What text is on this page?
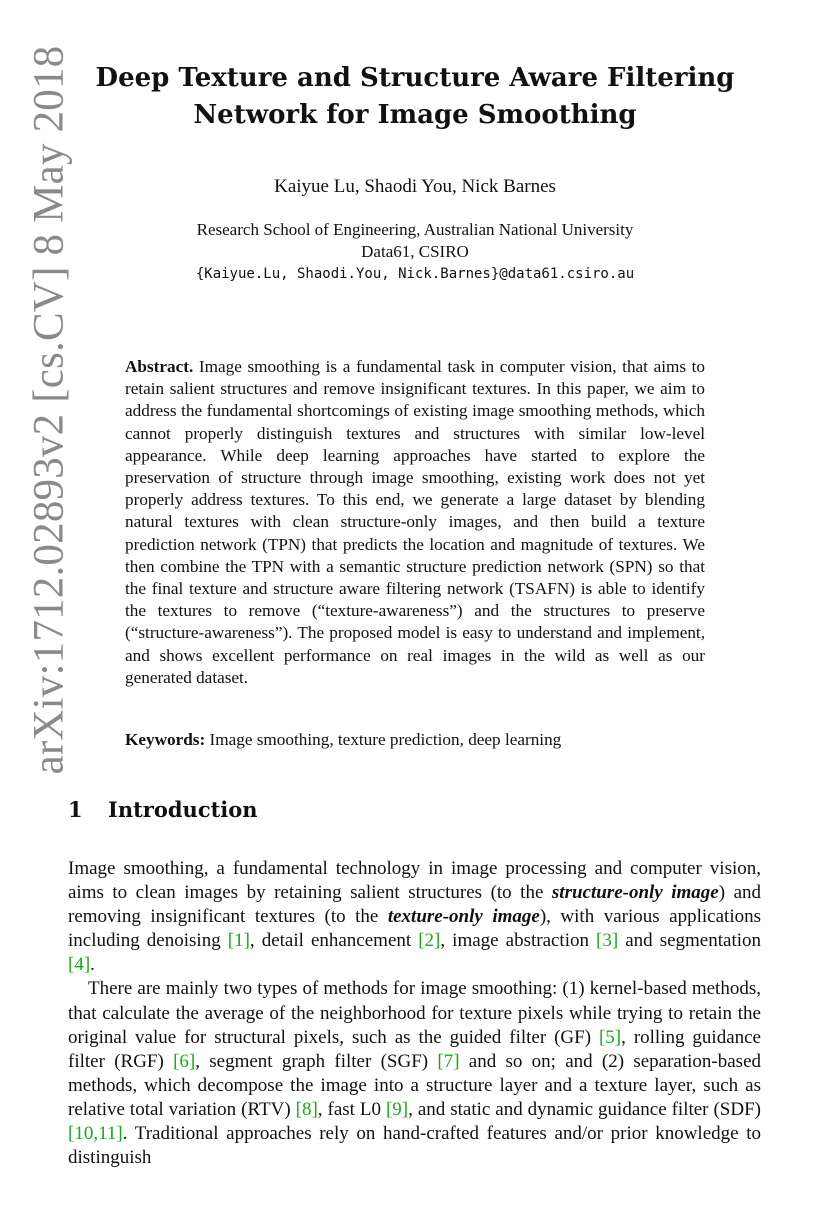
arXiv:1712.02893v2 [cs.CV] 8 May 2018 Deep Texture and Structure Aware Filtering
Network for Image Smoothing
Kaiyue Lu, Shaodi You, Nick Barnes
Research School of Engineering, Australian National University
Data61, CSIRO
{Kaiyue.Lu, Shaodi.You, Nick.Barnes}@data61.csiro.au
Abstract. Image smoothing is a fundamental task in computer vision, that aims to retain salient structures and remove insignificant textures. In this paper, we aim to address the fundamental shortcomings of existing image smoothing methods, which cannot properly distinguish textures and structures with similar low-level appearance. While deep learning approaches have started to explore the preservation of structure through image smoothing, existing work does not yet properly address textures. To this end, we generate a large dataset by blending natural textures with clean structure-only images, and then build a texture prediction network (TPN) that predicts the location and magnitude of textures. We then combine the TPN with a semantic structure prediction network (SPN) so that the final texture and structure aware filtering network (TSAFN) is able to identify the textures to remove (“texture-awareness”) and the structures to preserve (“structure-awareness”). The proposed model is easy to understand and implement, and shows excellent performance on real images in the wild as well as our generated dataset.
Keywords: Image smoothing, texture prediction, deep learning
1 Introduction

Image smoothing, a fundamental technology in image processing and computer vision, aims to clean images by retaining salient structures (to the structure-only image) and removing insignificant textures (to the texture-only image), with various applications including denoising [1], detail enhancement [2], image abstraction [3] and segmentation [4].

There are mainly two types of methods for image smoothing: (1) kernel-based methods, that calculate the average of the neighborhood for texture pixels while trying to retain the original value for structural pixels, such as the guided filter (GF) [5], rolling guidance filter (RGF) [6], segment graph filter (SGF) [7] and so on; and (2) separation-based methods, which decompose the image into a structure layer and a texture layer, such as relative total variation (RTV) [8], fast L0 [9], and static and dynamic guidance filter (SDF) [10,11]. Traditional approaches rely on hand-crafted features and/or prior knowledge to distinguish
